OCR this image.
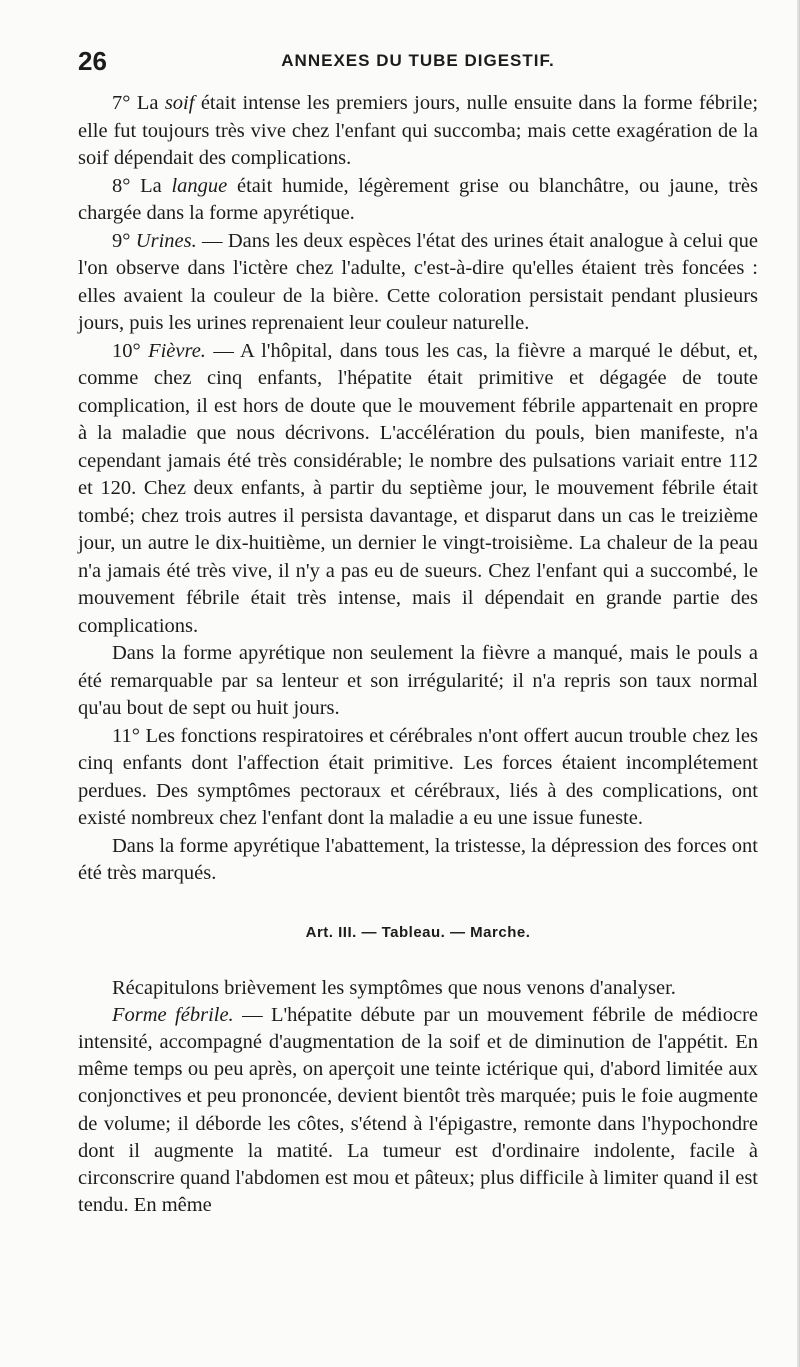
26	ANNEXES DU TUBE DIGESTIF.

7° La soif était intense les premiers jours, nulle ensuite dans la forme fébrile; elle fut toujours très vive chez l'enfant qui succomba; mais cette exagération de la soif dépendait des complications.

8° La langue était humide, légèrement grise ou blanchâtre, ou jaune, très chargée dans la forme apyrétique.

9° Urines. — Dans les deux espèces l'état des urines était analogue à celui que l'on observe dans l'ictère chez l'adulte, c'est-à-dire qu'elles étaient très foncées : elles avaient la couleur de la bière. Cette coloration persistait pendant plusieurs jours, puis les urines reprenaient leur couleur naturelle.

10° Fièvre. — A l'hôpital, dans tous les cas, la fièvre a marqué le début, et, comme chez cinq enfants, l'hépatite était primitive et dégagée de toute complication, il est hors de doute que le mouvement fébrile appartenait en propre à la maladie que nous décrivons. L'accélération du pouls, bien manifeste, n'a cependant jamais été très considérable; le nombre des pulsations variait entre 112 et 120. Chez deux enfants, à partir du septième jour, le mouvement fébrile était tombé; chez trois autres il persista davantage, et disparut dans un cas le treizième jour, un autre le dix-huitième, un dernier le vingt-troisième. La chaleur de la peau n'a jamais été très vive, il n'y a pas eu de sueurs. Chez l'enfant qui a succombé, le mouvement fébrile était très intense, mais il dépendait en grande partie des complications.

Dans la forme apyrétique non seulement la fièvre a manqué, mais le pouls a été remarquable par sa lenteur et son irrégularité; il n'a repris son taux normal qu'au bout de sept ou huit jours.

11° Les fonctions respiratoires et cérébrales n'ont offert aucun trouble chez les cinq enfants dont l'affection était primitive. Les forces étaient incomplétement perdues. Des symptômes pectoraux et cérébraux, liés à des complications, ont existé nombreux chez l'enfant dont la maladie a eu une issue funeste.

Dans la forme apyrétique l'abattement, la tristesse, la dépression des forces ont été très marqués.

Art. III. — Tableau. — Marche.

Récapitulons brièvement les symptômes que nous venons d'analyser.

Forme fébrile. — L'hépatite débute par un mouvement fébrile de médiocre intensité, accompagné d'augmentation de la soif et de diminution de l'appétit. En même temps ou peu après, on aperçoit une teinte ictérique qui, d'abord limitée aux conjonctives et peu prononcée, devient bientôt très marquée; puis le foie augmente de volume; il déborde les côtes, s'étend à l'épigastre, remonte dans l'hypochondre dont il augmente la matité. La tumeur est d'ordinaire indolente, facile à circonscrire quand l'abdomen est mou et pâteux; plus difficile à limiter quand il est tendu. En même
